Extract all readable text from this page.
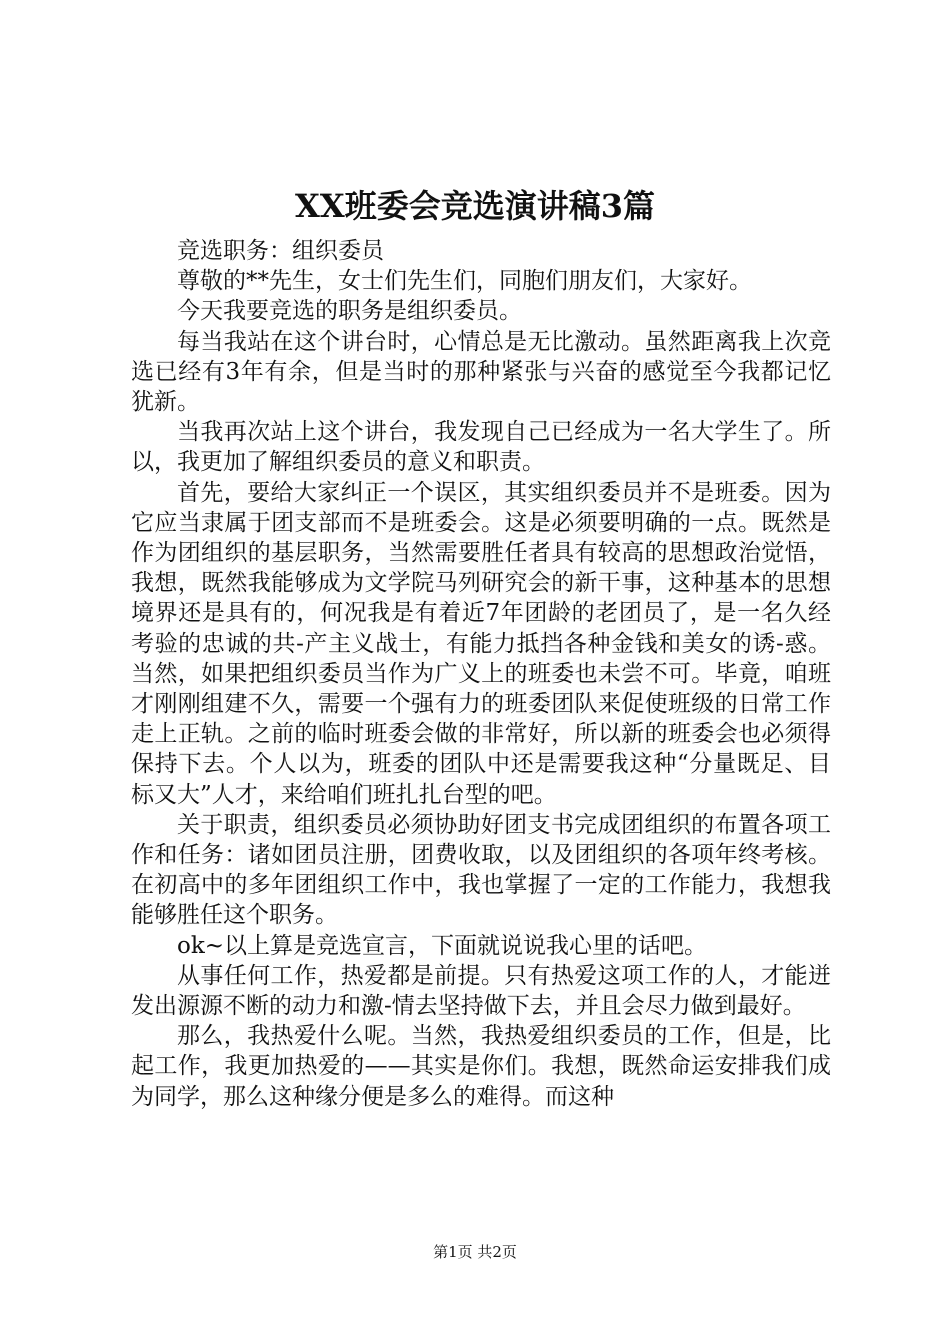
XX班委会竞选演讲稿3篇

竞选职务：组织委员

尊敬的**先生，女士们先生们，同胞们朋友们，大家好。

今天我要竞选的职务是组织委员。

每当我站在这个讲台时，心情总是无比激动。虽然距离我上次竞选已经有3年有余，但是当时的那种紧张与兴奋的感觉至今我都记忆犹新。

当我再次站上这个讲台，我发现自己已经成为一名大学生了。所以，我更加了解组织委员的意义和职责。

首先，要给大家纠正一个误区，其实组织委员并不是班委。因为它应当隶属于团支部而不是班委会。这是必须要明确的一点。既然是作为团组织的基层职务，当然需要胜任者具有较高的思想政治觉悟，我想，既然我能够成为文学院马列研究会的新干事，这种基本的思想境界还是具有的，何况我是有着近7年团龄的老团员了，是一名久经考验的忠诚的共-产主义战士，有能力抵挡各种金钱和美女的诱-惑。当然，如果把组织委员当作为广义上的班委也未尝不可。毕竟，咱班才刚刚组建不久，需要一个强有力的班委团队来促使班级的日常工作走上正轨。之前的临时班委会做的非常好，所以新的班委会也必须得保持下去。个人以为，班委的团队中还是需要我这种“分量既足、目标又大”人才，来给咱们班扎扎台型的吧。

关于职责，组织委员必须协助好团支书完成团组织的布置各项工作和任务：诸如团员注册，团费收取，以及团组织的各项年终考核。在初高中的多年团组织工作中，我也掌握了一定的工作能力，我想我能够胜任这个职务。

ok~以上算是竞选宣言，下面就说说我心里的话吧。

从事任何工作，热爱都是前提。只有热爱这项工作的人，才能迸发出源源不断的动力和激-情去坚持做下去，并且会尽力做到最好。

那么，我热爱什么呢。当然，我热爱组织委员的工作，但是，比起工作，我更加热爱的——其实是你们。我想，既然命运安排我们成为同学，那么这种缘分便是多么的难得。而这种

第1页 共2页
